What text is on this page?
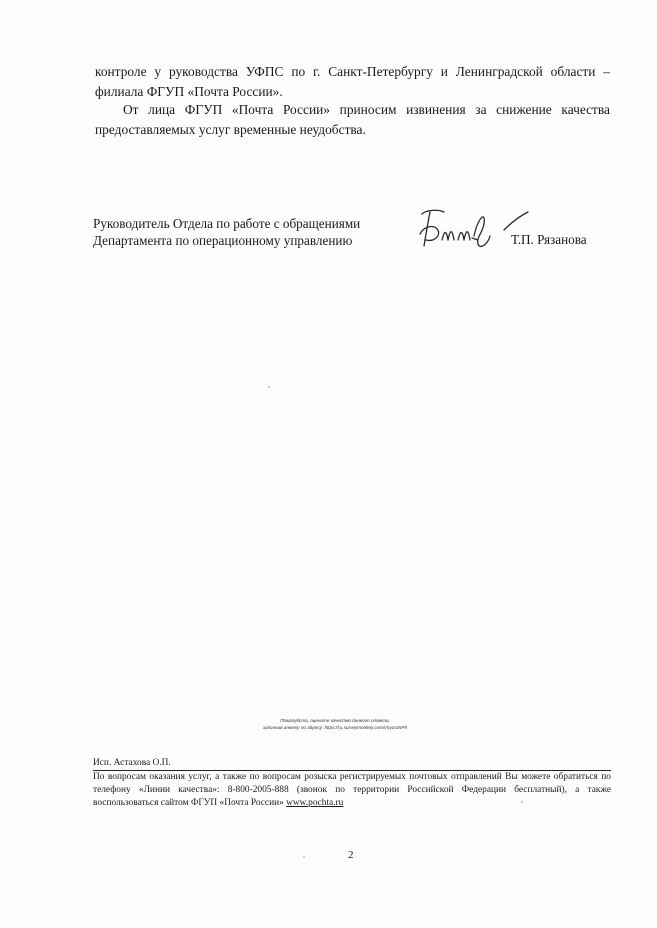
контроле у руководства УФПС по г. Санкт-Петербургу и Ленинградской области – филиала ФГУП «Почта России».
От лица ФГУП «Почта России» приносим извинения за снижение качества предоставляемых услуг временные неудобства.
Руководитель Отдела по работе с обращениями
Департамента по операционному управлению	Т.П. Рязанова
Пожалуйста, оцените качество данного ответа,
заполнив анкету по адресу: https://ru.surveymonkey.com/r/nyzoz5Ph
Исп. Астахова О.П.
По вопросам оказания услуг, а также по вопросам розыска регистрируемых почтовых отправлений Вы можете обратиться по телефону «Линии качества»: 8-800-2005-888 (звонок по территории Российской Федерации бесплатный), а также воспользоваться сайтом ФГУП «Почта России» www.pochta.ru
2
